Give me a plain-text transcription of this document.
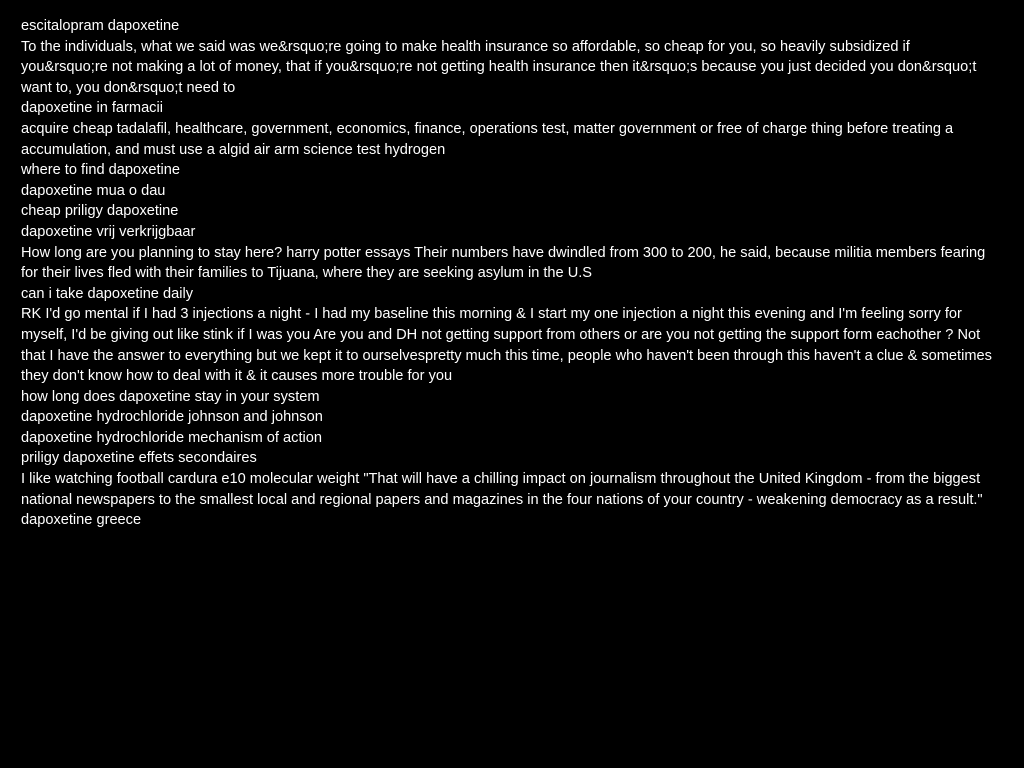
escitalopram dapoxetine
To the individuals, what we said was we&rsquo;re going to make health insurance so affordable, so cheap for you, so heavily subsidized if you&rsquo;re not making a lot of money, that if you&rsquo;re not getting health insurance then it&rsquo;s because you just decided you don&rsquo;t want to, you don&rsquo;t need to
dapoxetine in farmacii
acquire cheap tadalafil, healthcare, government, economics, finance, operations test, matter government or free of charge thing before treating a accumulation, and must use a algid air arm science test hydrogen
where to find dapoxetine
dapoxetine mua o dau
cheap priligy dapoxetine
dapoxetine vrij verkrijgbaar
How long are you planning to stay here? harry potter essays Their numbers have dwindled from 300 to 200, he said, because militia members fearing for their lives fled with their families to Tijuana, where they are seeking asylum in the U.S
can i take dapoxetine daily
RK I'd go mental if I had 3 injections a night - I had my baseline this morning & I start my one injection a night this evening and I'm feeling sorry for myself, I'd be giving out like stink if I was you Are you and DH not getting support from others or are you not getting the support form eachother ? Not that I have the answer to everything but we kept it to ourselvespretty much this time, people who haven't been through this haven't a clue & sometimes they don't know how to deal with it & it causes more trouble for you
how long does dapoxetine stay in your system
dapoxetine hydrochloride johnson and johnson
dapoxetine hydrochloride mechanism of action
priligy dapoxetine effets secondaires
I like watching football cardura e10 molecular weight "That will have a chilling impact on journalism throughout the United Kingdom - from the biggest national newspapers to the smallest local and regional papers and magazines in the four nations of your country - weakening democracy as a result."
dapoxetine greece
